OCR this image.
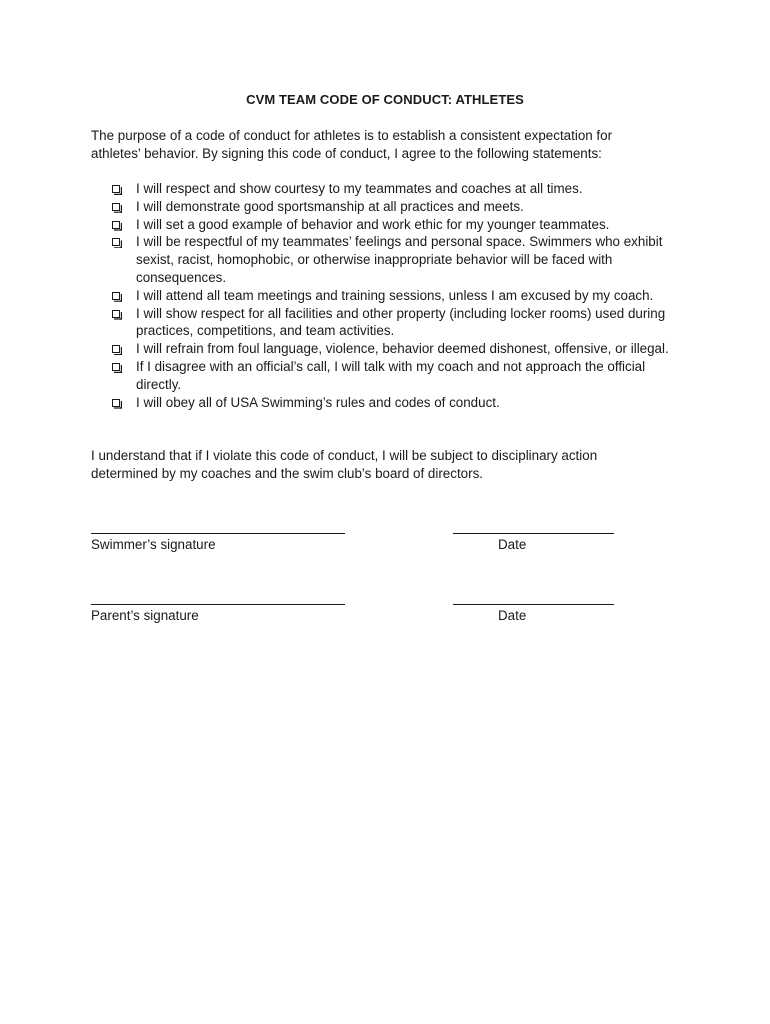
CVM TEAM CODE OF CONDUCT: ATHLETES
The purpose of a code of conduct for athletes is to establish a consistent expectation for athletes’ behavior. By signing this code of conduct, I agree to the following statements:
I will respect and show courtesy to my teammates and coaches at all times.
I will demonstrate good sportsmanship at all practices and meets.
I will set a good example of behavior and work ethic for my younger teammates.
I will be respectful of my teammates’ feelings and personal space. Swimmers who exhibit sexist, racist, homophobic, or otherwise inappropriate behavior will be faced with consequences.
I will attend all team meetings and training sessions, unless I am excused by my coach.
I will show respect for all facilities and other property (including locker rooms) used during practices, competitions, and team activities.
I will refrain from foul language, violence, behavior deemed dishonest, offensive, or illegal.
If I disagree with an official’s call, I will talk with my coach and not approach the official directly.
I will obey all of USA Swimming’s rules and codes of conduct.
I understand that if I violate this code of conduct, I will be subject to disciplinary action determined by my coaches and the swim club’s board of directors.
Swimmer’s signature	Date
Parent’s signature	Date
